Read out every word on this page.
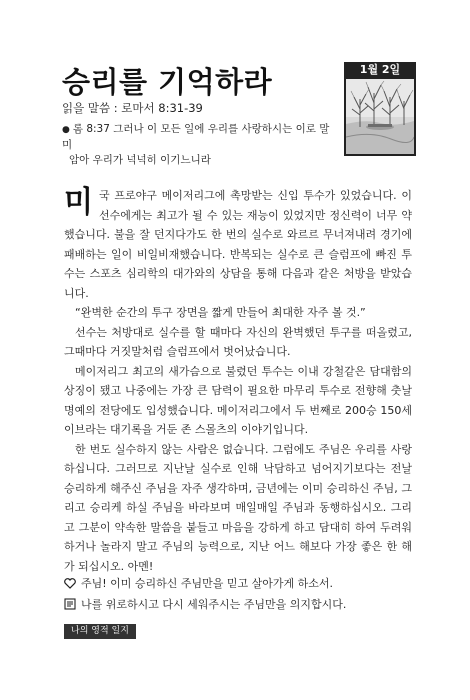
승리를 기억하라
읽을 말씀 : 로마서 8:31-39
● 롬 8:37 그러나 이 모든 일에 우리를 사랑하시는 이로 말미
암아 우리가 넉넉히 이기느니라
1월 2일

미국 프로야구 메이저리그에 촉망받는 신입 투수가 있었습니다. 이 선수에게는 최고가 될 수 있는 재능이 있었지만 정신력이 너무 약했습니다. 불을 잘 던지다가도 한 번의 실수로 와르르 무너져내려 경기에 패배하는 일이 비일비재했습니다. 반복되는 실수로 큰 슬럼프에 빠진 투수는 스포츠 심리학의 대가와의 상담을 통해 다음과 같은 처방을 받았습니다.

“완벽한 순간의 투구 장면을 짧게 만들어 최대한 자주 볼 것.”

선수는 처방대로 실수를 할 때마다 자신의 완벽했던 투구를 떠올렸고, 그때마다 거짓말처럼 슬럼프에서 벗어났습니다.

메이저리그 최고의 새가슴으로 불렸던 투수는 이내 강철같은 담대함의 상징이 됐고 나중에는 가장 큰 담력이 필요한 마무리 투수로 전향해 춧날 명예의 전당에도 입성했습니다. 메이저리그에서 두 번째로 200승 150세이브라는 대기록을 거둔 존 스몰츠의 이야기입니다.

한 번도 실수하지 않는 사람은 없습니다. 그럼에도 주님은 우리를 사랑하십니다. 그러므로 지난날 실수로 인해 낙담하고 넘어지기보다는 전날 승리하게 해주신 주님을 자주 생각하며, 금년에는 이미 승리하신 주님, 그리고 승리케 하실 주님을 바라보며 매일매일 주님과 동행하십시오. 그리고 그분이 약속한 말씀을 붙들고 마음을 강하게 하고 담대히 하여 두려워하거나 놀라지 말고 주님의 능력으로, 지난 어느 해보다 가장 좋은 한 해가 되십시오. 아멘!

주님! 이미 승리하신 주님만을 믿고 살아가게 하소서.
나를 위로하시고 다시 세워주시는 주님만을 의지합시다.
나의 영적 일지
